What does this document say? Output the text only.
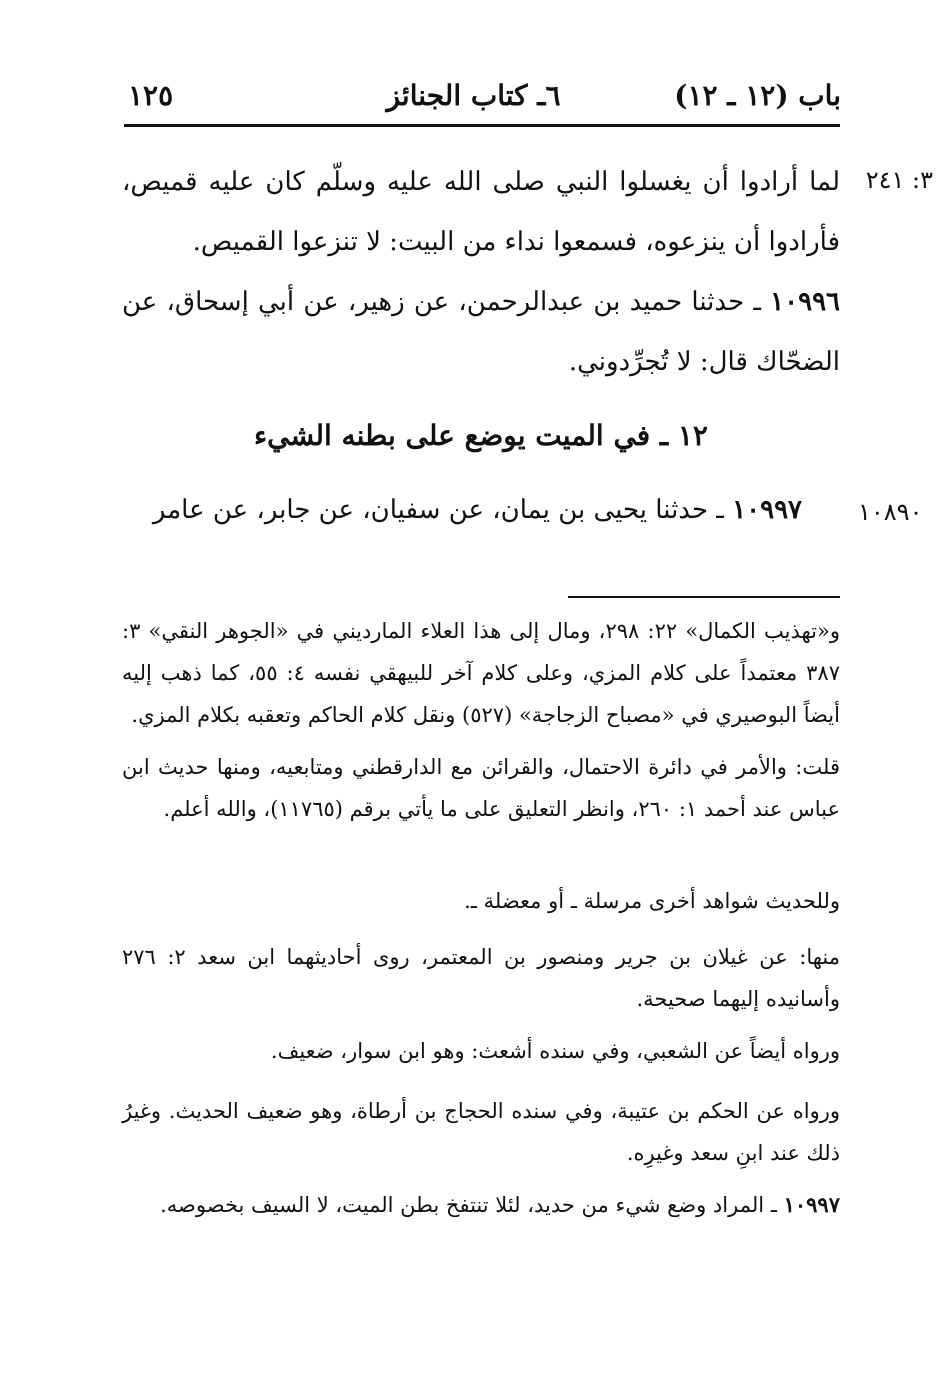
باب (١٢ ـ ١٢)
٦ـ كتاب الجنائز
١٢٥
٣: ٢٤١
لما أرادوا أن يغسلوا النبي صلى الله عليه وسلّم كان عليه قميص، فأرادوا أن ينزعوه، فسمعوا نداء من البيت: لا تنزعوا القميص.
١٠٩٩٦ ـ حدثنا حميد بن عبدالرحمن، عن زهير، عن أبي إسحاق، عن الضحّاك قال: لا تُجرِّدوني.
١٢ ـ في الميت يوضع على بطنه الشيء
١٠٨٩٠
١٠٩٩٧ ـ حدثنا يحيى بن يمان، عن سفيان، عن جابر، عن عامر
و«تهذيب الكمال» ٢٢: ٢٩٨، ومال إلى هذا العلاء المارديني في «الجوهر النقي» ٣: ٣٨٧ معتمداً على كلام المزي، وعلى كلام آخر للبيهقي نفسه ٤: ٥٥، كما ذهب إليه أيضاً البوصيري في «مصباح الزجاجة» (٥٢٧) ونقل كلام الحاكم وتعقبه بكلام المزي.
قلت: والأمر في دائرة الاحتمال، والقرائن مع الدارقطني ومتابعيه، ومنها حديث ابن عباس عند أحمد ١: ٢٦٠، وانظر التعليق على ما يأتي برقم (١١٧٦٥)، والله أعلم.
وللحديث شواهد أخرى مرسلة ـ أو معضلة ـ.
منها: عن غيلان بن جرير ومنصور بن المعتمر، روى أحاديثهما ابن سعد ٢: ٢٧٦ وأسانيده إليهما صحيحة.
ورواه أيضاً عن الشعبي، وفي سنده أشعث: وهو ابن سوار، ضعيف.
ورواه عن الحكم بن عتيبة، وفي سنده الحجاج بن أرطاة، وهو ضعيف الحديث. وغيرُ ذلك عند ابنِ سعد وغيرِه.
١٠٩٩٧ ـ المراد وضع شيء من حديد، لئلا تنتفخ بطن الميت، لا السيف بخصوصه.
